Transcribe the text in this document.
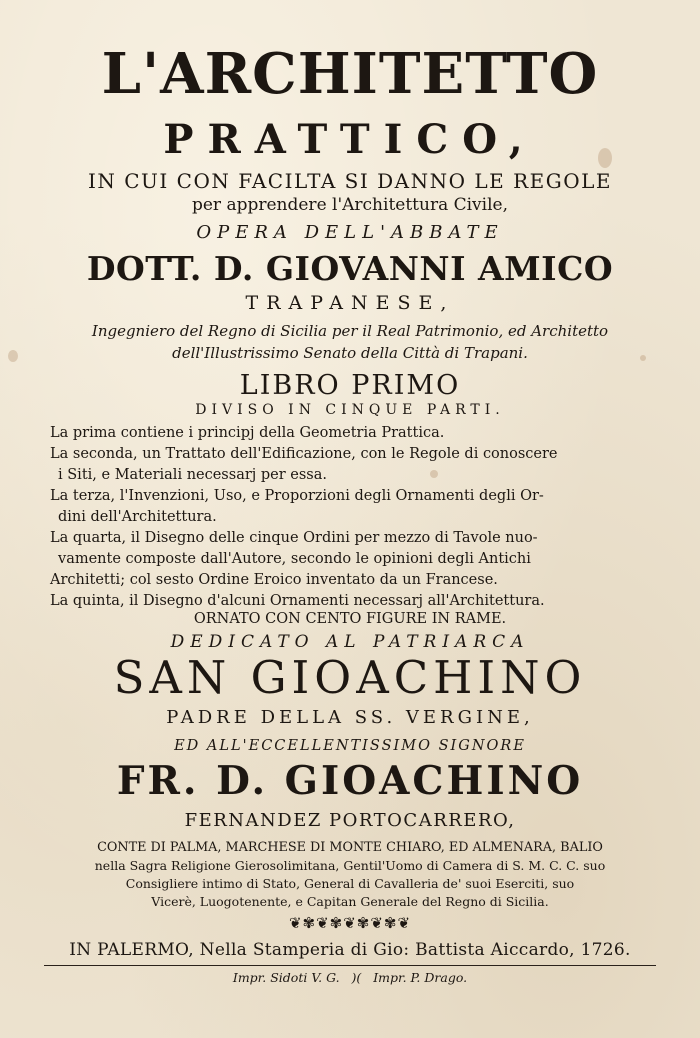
L'ARCHITETTO
PRATTICO,
IN CUI CON FACILTA SI DANNO LE REGOLE
per apprendere l'Architettura Civile,
OPERA DELL'ABBATE
DOTT. D. GIOVANNI AMICO
TRAPANESE,
Ingegniero del Regno di Sicilia per il Real Patrimonio, ed Architetto
dell'Illustrissimo Senato della Città di Trapani.
LIBRO PRIMO
DIVISO IN CINQUE PARTI.
La prima contiene i principj della Geometria Prattica.
La seconda, un Trattato dell'Edificazione, con le Regole di conoscere
i Siti, e Materiali necessarj per essa.
La terza, l'Invenzioni, Uso, e Proporzioni degli Ornamenti degli Or-
dini dell'Architettura.
La quarta, il Disegno delle cinque Ordini per mezzo di Tavole nuo-
vamente composte dall'Autore, secondo le opinioni degli Antichi
Architetti; col sesto Ordine Eroico inventato da un Francese.
La quinta, il Disegno d'alcuni Ornamenti necessarj all'Architettura.
ORNATO CON CENTO FIGURE IN RAME.
DEDICATO AL PATRIARCA
SAN GIOACHINO
PADRE DELLA SS. VERGINE,
ED ALL'ECCELLENTISSIMO SIGNORE
FR. D. GIOACHINO
FERNANDEZ PORTOCARRERO,
CONTE DI PALMA, MARCHESE DI MONTE CHIARO, ED ALMENARA, BALIO
nella Sagra Religione Gierosolimitana, Gentil'Uomo di Camera di S. M. C. C. suo
Consigliere intimo di Stato, General di Cavalleria de' suoi Eserciti, suo
Vicerè, Luogotenente, e Capitan Generale del Regno di Sicilia.
❦✾❦✾❦✾❦✾❦
IN PALERMO, Nella Stamperia di Gio: Battista Aiccardo, 1726.
Impr. Sidoti V. G.   )(   Impr. P. Drago.
